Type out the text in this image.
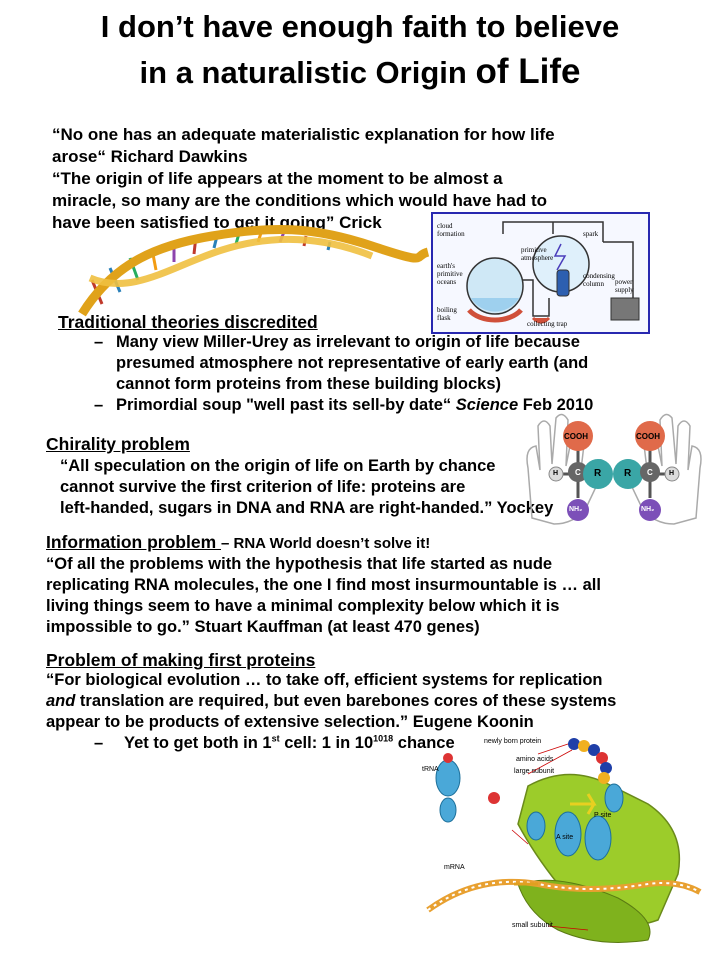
I don’t have enough faith to believe
in a naturalistic Origin of Life
“No one has an adequate materialistic explanation for how life
arose“ Richard Dawkins
“The origin of life appears at the moment to be almost a
miracle, so many are the conditions which would have had to
have been satisfied to get it going” Crick	cloud
formation	spark
primitive
atmosphere
earth's
primitive
oceans
condensing
column
boiling
flask
collecting trap
power
supply
Traditional theories discredited
– Many view Miller-Urey as irrelevant to origin of life because
presumed atmosphere not representative of early earth (and
cannot form proteins from these building blocks)
– Primordial soup "well past its sell-by date“ Science Feb 2010
Chirality problem
“All speculation on the origin of life on Earth by chance
cannot survive the first criterion of life: proteins are
left-handed, sugars in DNA and RNA are right-handed.” Yockey
COOH
H C R
NH₂
COOH
R C H
NH₂
Information problem – RNA World doesn’t solve it!
“Of all the problems with the hypothesis that life started as nude
replicating RNA molecules, the one I find most insurmountable is … all
living things seem to have a minimal complexity below which it is
impossible to go.” Stuart Kauffman (at least 470 genes)
Problem of making first proteins
“For biological evolution … to take off, efficient systems for replication
and translation are required, but even barebones cores of these systems
appear to be products of extensive selection.” Eugene Koonin
– Yet to get both in 1st cell: 1 in $10^{1018}$ chance	newly born protein
amino acids
large subunit
tRNA
P site
A site
mRNA
small subunit
